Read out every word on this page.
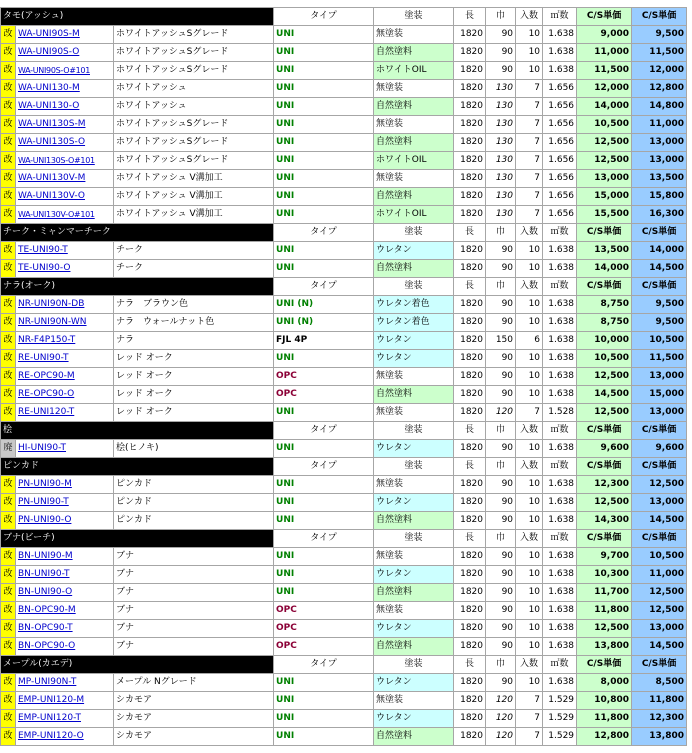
タモ(アッシュ)			タイプ	塗装	長	巾	入数	㎡数	C/S単価	C/S単価
改	WA-UNI90S-M	ホワイトアッシュSグレード	UNI	無塗装	1820	90	10	1.638	9,000	9,500
改	WA-UNI90S-O	ホワイトアッシュSグレード	UNI	自然塗料	1820	90	10	1.638	11,000	11,500
改	WA-UNI90S-O#101	ホワイトアッシュSグレード	UNI	ホワイトOIL	1820	90	10	1.638	11,500	12,000
改	WA-UNI130-M	ホワイトアッシュ	UNI	無塗装	1820	130	7	1.656	12,000	12,800
改	WA-UNI130-O	ホワイトアッシュ	UNI	自然塗料	1820	130	7	1.656	14,000	14,800
改	WA-UNI130S-M	ホワイトアッシュSグレード	UNI	無塗装	1820	130	7	1.656	10,500	11,000
改	WA-UNI130S-O	ホワイトアッシュSグレード	UNI	自然塗料	1820	130	7	1.656	12,500	13,000
改	WA-UNI130S-O#101	ホワイトアッシュSグレード	UNI	ホワイトOIL	1820	130	7	1.656	12,500	13,000
改	WA-UNI130V-M	ホワイトアッシュ V溝加工	UNI	無塗装	1820	130	7	1.656	13,000	13,500
改	WA-UNI130V-O	ホワイトアッシュ V溝加工	UNI	自然塗料	1820	130	7	1.656	15,000	15,800
改	WA-UNI130V-O#101	ホワイトアッシュ V溝加工	UNI	ホワイトOIL	1820	130	7	1.656	15,500	16,300
チーク・ミャンマーチーク			タイプ	塗装	長	巾	入数	㎡数	C/S単価	C/S単価
改	TE-UNI90-T	チーク	UNI	ウレタン	1820	90	10	1.638	13,500	14,000
改	TE-UNI90-O	チーク	UNI	自然塗料	1820	90	10	1.638	14,000	14,500
ナラ(オーク)			タイプ	塗装	長	巾	入数	㎡数	C/S単価	C/S単価
改	NR-UNI90N-DB	ナラ　ブラウン色	UNI (N)	ウレタン着色	1820	90	10	1.638	8,750	9,500
改	NR-UNI90N-WN	ナラ　ウォールナット色	UNI (N)	ウレタン着色	1820	90	10	1.638	8,750	9,500
改	NR-F4P150-T	ナラ	FJL 4P	ウレタン	1820	150	6	1.638	10,000	10,500
改	RE-UNI90-T	レッド オーク	UNI	ウレタン	1820	90	10	1.638	10,500	11,500
改	RE-OPC90-M	レッド オーク	OPC	無塗装	1820	90	10	1.638	12,500	13,000
改	RE-OPC90-O	レッド オーク	OPC	自然塗料	1820	90	10	1.638	14,500	15,000
改	RE-UNI120-T	レッド オーク	UNI	無塗装	1820	120	7	1.528	12,500	13,000
桧			タイプ	塗装	長	巾	入数	㎡数	C/S単価	C/S単価
廃	HI-UNI90-T	桧(ヒノキ)	UNI	ウレタン	1820	90	10	1.638	9,600	9,600
ピンカド			タイプ	塗装	長	巾	入数	㎡数	C/S単価	C/S単価
改	PN-UNI90-M	ピンカド	UNI	無塗装	1820	90	10	1.638	12,300	12,500
改	PN-UNI90-T	ピンカド	UNI	ウレタン	1820	90	10	1.638	12,500	13,000
改	PN-UNI90-O	ピンカド	UNI	自然塗料	1820	90	10	1.638	14,300	14,500
ブナ(ビーチ)			タイプ	塗装	長	巾	入数	㎡数	C/S単価	C/S単価
改	BN-UNI90-M	ブナ	UNI	無塗装	1820	90	10	1.638	9,700	10,500
改	BN-UNI90-T	ブナ	UNI	ウレタン	1820	90	10	1.638	10,300	11,000
改	BN-UNI90-O	ブナ	UNI	自然塗料	1820	90	10	1.638	11,700	12,500
改	BN-OPC90-M	ブナ	OPC	無塗装	1820	90	10	1.638	11,800	12,500
改	BN-OPC90-T	ブナ	OPC	ウレタン	1820	90	10	1.638	12,500	13,000
改	BN-OPC90-O	ブナ	OPC	自然塗料	1820	90	10	1.638	13,800	14,500
メープル(カエデ)			タイプ	塗装	長	巾	入数	㎡数	C/S単価	C/S単価
改	MP-UNI90N-T	メープル Nグレード	UNI	ウレタン	1820	90	10	1.638	8,000	8,500
改	EMP-UNI120-M	シカモア	UNI	無塗装	1820	120	7	1.529	10,800	11,800
改	EMP-UNI120-T	シカモア	UNI	ウレタン	1820	120	7	1.529	11,800	12,300
改	EMP-UNI120-O	シカモア	UNI	自然塗料	1820	120	7	1.529	12,800	13,800
